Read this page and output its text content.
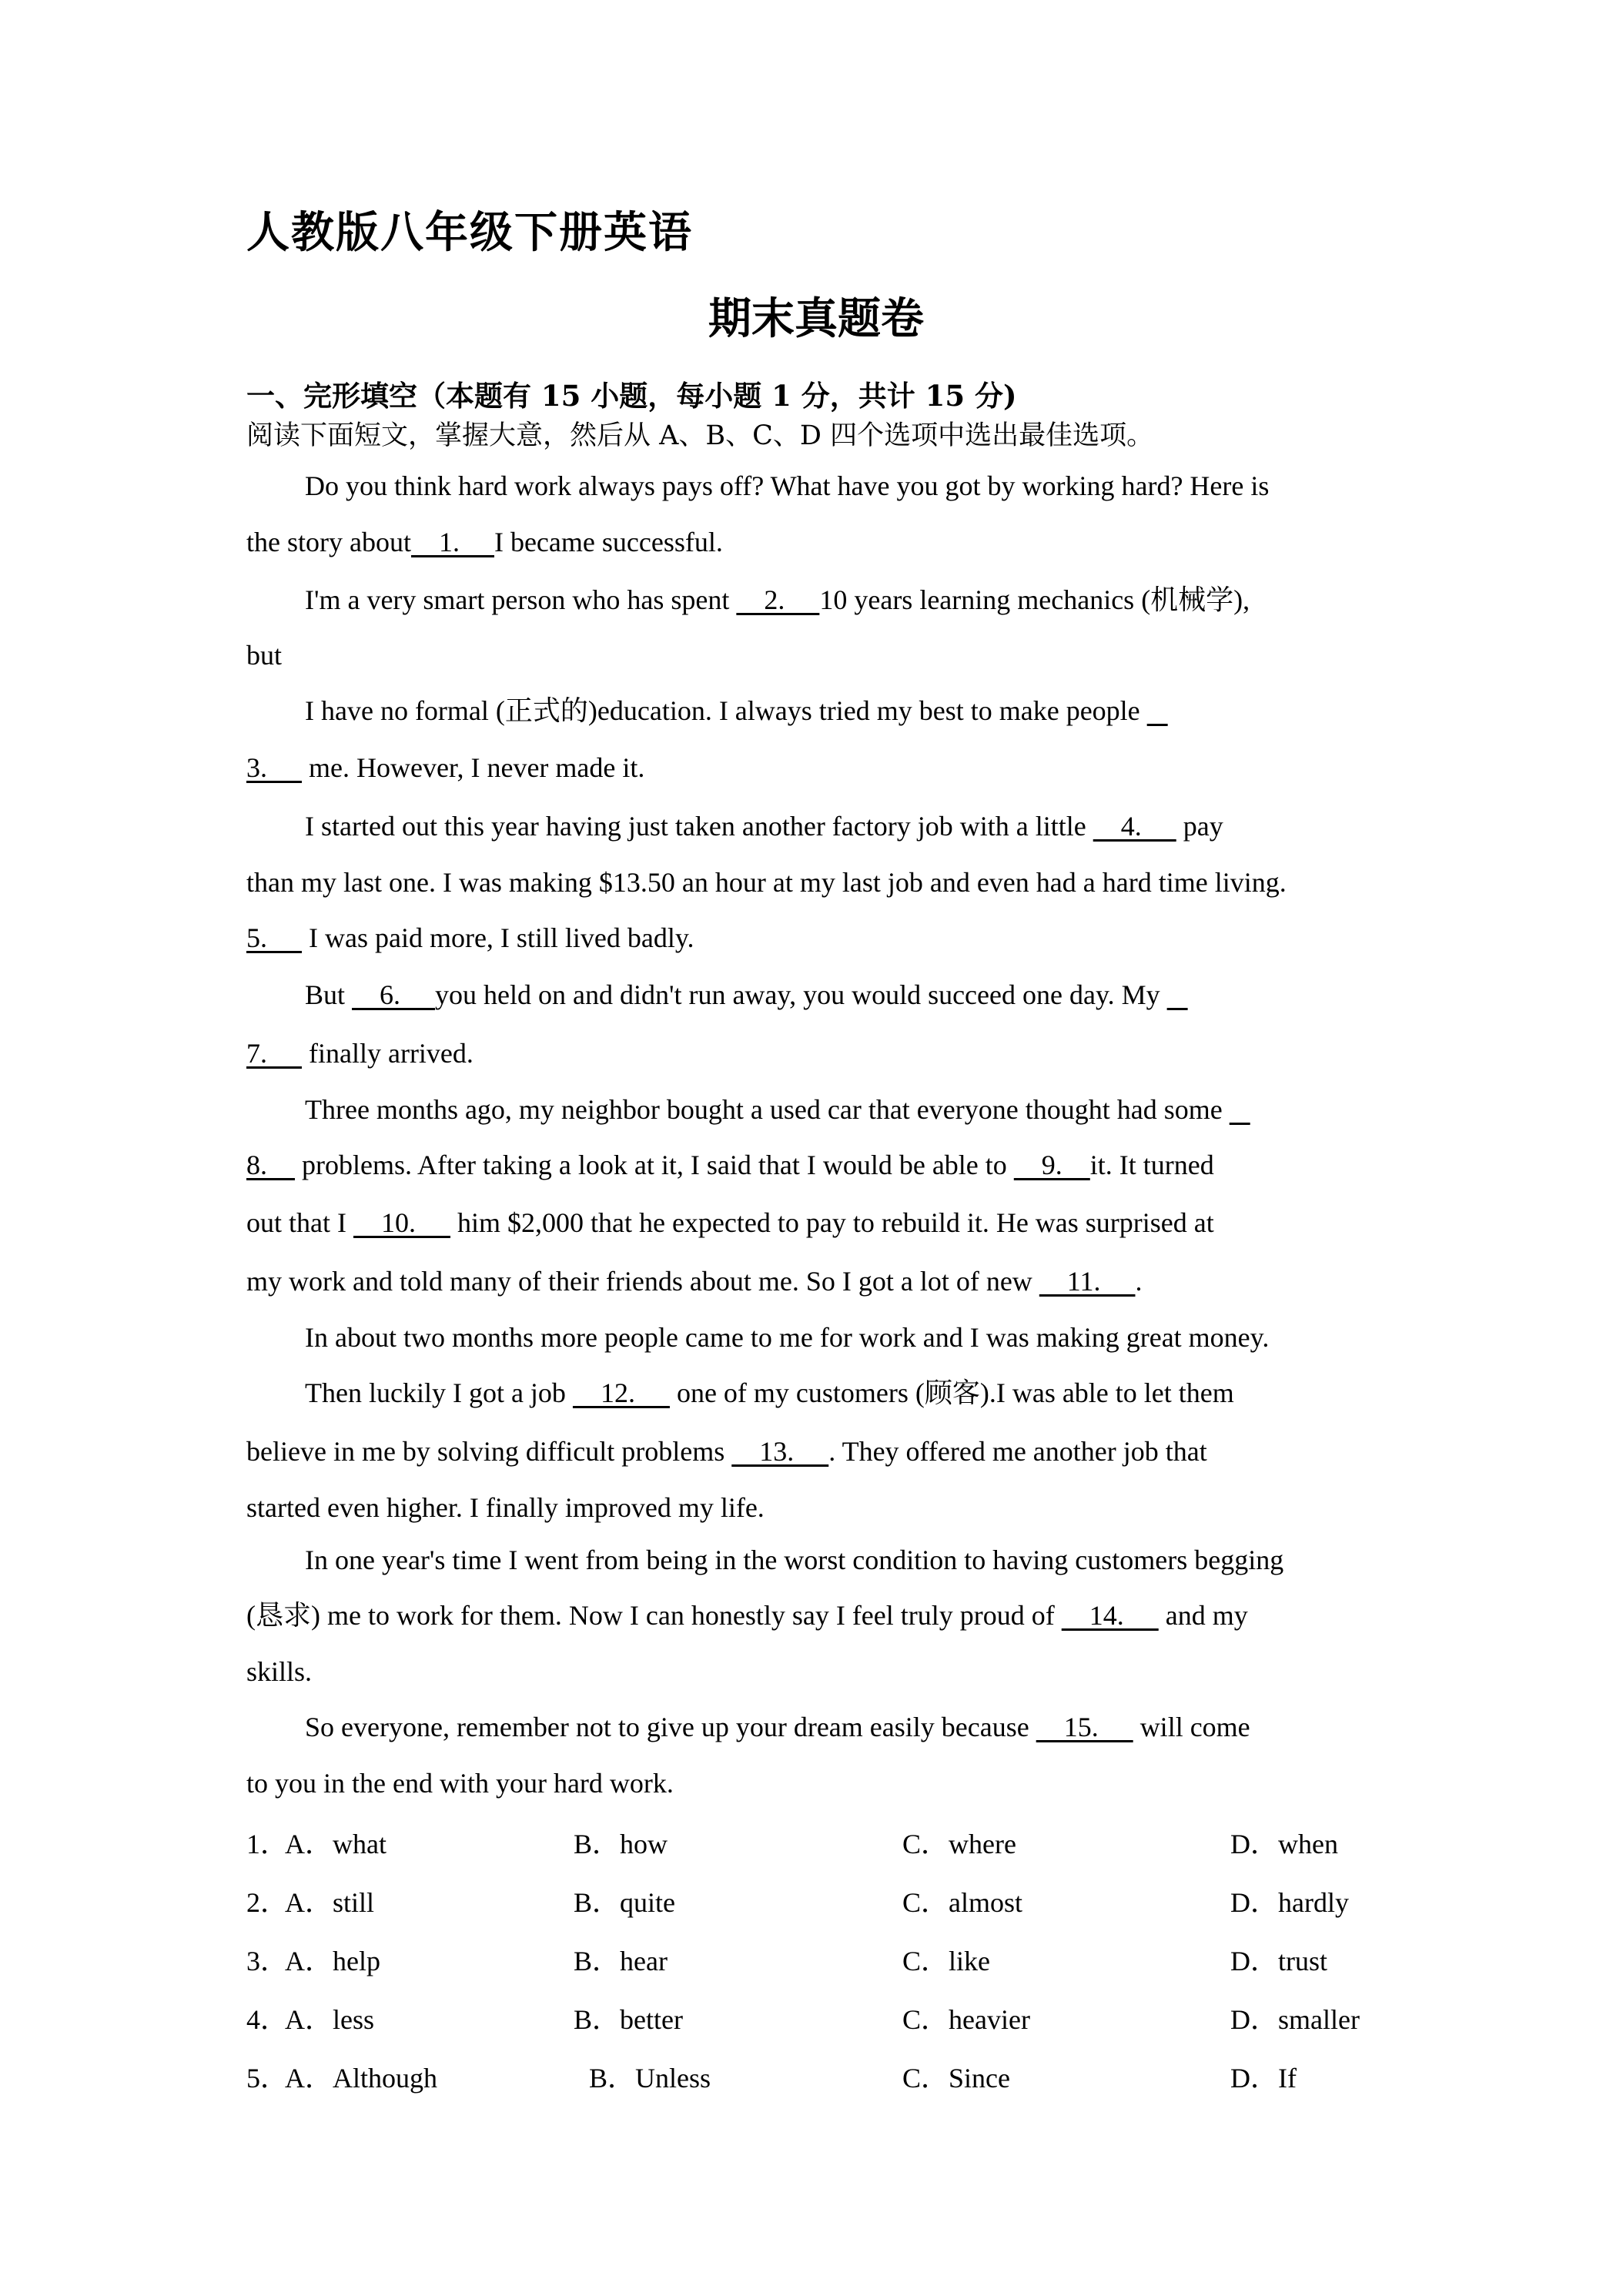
人教版八年级下册英语
期末真题卷
一、完形填空（本题有 15 小题，每小题 1 分，共计 15 分)
阅读下面短文，掌握大意，然后从 A、B、C、D 四个选项中选出最佳选项。
Do you think hard work always pays off? What have you got by working hard? Here is
the story about    1.     I became successful.
I'm a very smart person who has spent     2.     10 years learning mechanics (机械学),
but
I have no formal (正式的)education. I always tried my best to make people
3.      me. However, I never made it.
I started out this year having just taken another factory job with a little     4.      pay
than my last one. I was making $13.50 an hour at my last job and even had a hard time living.
5.      I was paid more, I still lived badly.
But     6.     you held on and didn't run away, you would succeed one day. My
7.      finally arrived.
Three months ago, my neighbor bought a used car that everyone thought had some
8.     problems. After taking a look at it, I said that I would be able to     9.    it. It turned
out that I     10.      him $2,000 that he expected to pay to rebuild it. He was surprised at
my work and told many of their friends about me. So I got a lot of new     11.     .
In about two months more people came to me for work and I was making great money.
Then luckily I got a job     12.      one of my customers (顾客).I was able to let them
believe in me by solving difficult problems     13.     . They offered me another job that
started even higher. I finally improved my life.
In one year's time I went from being in the worst condition to having customers begging
(恳求) me to work for them. Now I can honestly say I feel truly proud of     14.      and my
skills.
So everyone, remember not to give up your dream easily because     15.      will come
to you in the end with your hard work.
1．
A．what	B．how	C．where	D．when
2．
A．still	B．quite	C．almost	D．hardly
3．
A．help	B．hear	C．like	D．trust
4．
A．less	B．better	C．heavier	D．smaller
5．
A．Although	B．Unless	C．Since	D．If
